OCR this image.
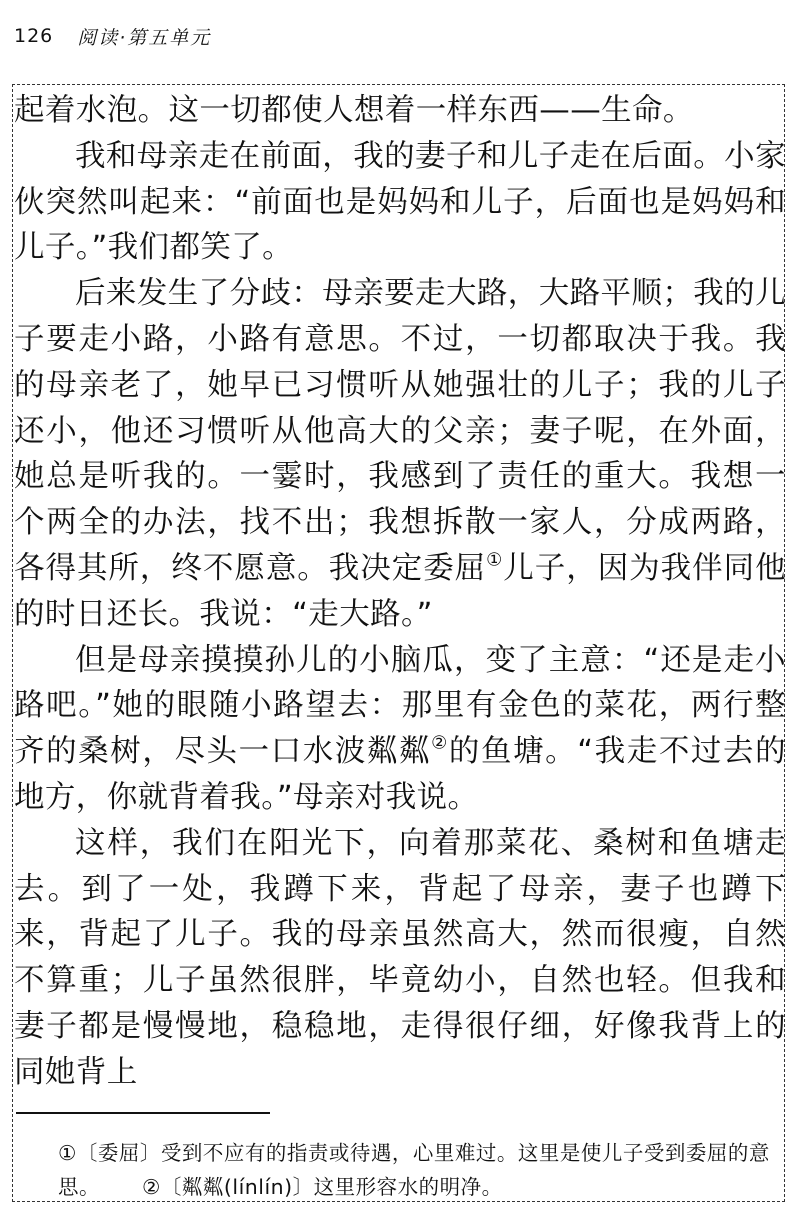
126 阅读·第五单元

起着水泡。这一切都使人想着一样东西——生命。

我和母亲走在前面，我的妻子和儿子走在后面。小家伙突然叫起来：“前面也是妈妈和儿子，后面也是妈妈和儿子。”我们都笑了。

后来发生了分歧：母亲要走大路，大路平顺；我的儿子要走小路，小路有意思。不过，一切都取决于我。我的母亲老了，她早已习惯听从她强壮的儿子；我的儿子还小，他还习惯听从他高大的父亲；妻子呢，在外面，她总是听我的。一霎时，我感到了责任的重大。我想一个两全的办法，找不出；我想拆散一家人，分成两路，各得其所，终不愿意。我决定委屈①儿子，因为我伴同他的时日还长。我说：“走大路。”

但是母亲摸摸孙儿的小脑瓜，变了主意：“还是走小路吧。”她的眼随小路望去：那里有金色的菜花，两行整齐的桑树，尽头一口水波粼粼②的鱼塘。“我走不过去的地方，你就背着我。”母亲对我说。

这样，我们在阳光下，向着那菜花、桑树和鱼塘走去。到了一处，我蹲下来，背起了母亲，妻子也蹲下来，背起了儿子。我的母亲虽然高大，然而很瘦，自然不算重；儿子虽然很胖，毕竟幼小，自然也轻。但我和妻子都是慢慢地，稳稳地，走得很仔细，好像我背上的同她背上

①〔委屈〕受到不应有的指责或待遇，心里难过。这里是使儿子受到委屈的意思。 ②〔粼粼(línlín)〕这里形容水的明净。
